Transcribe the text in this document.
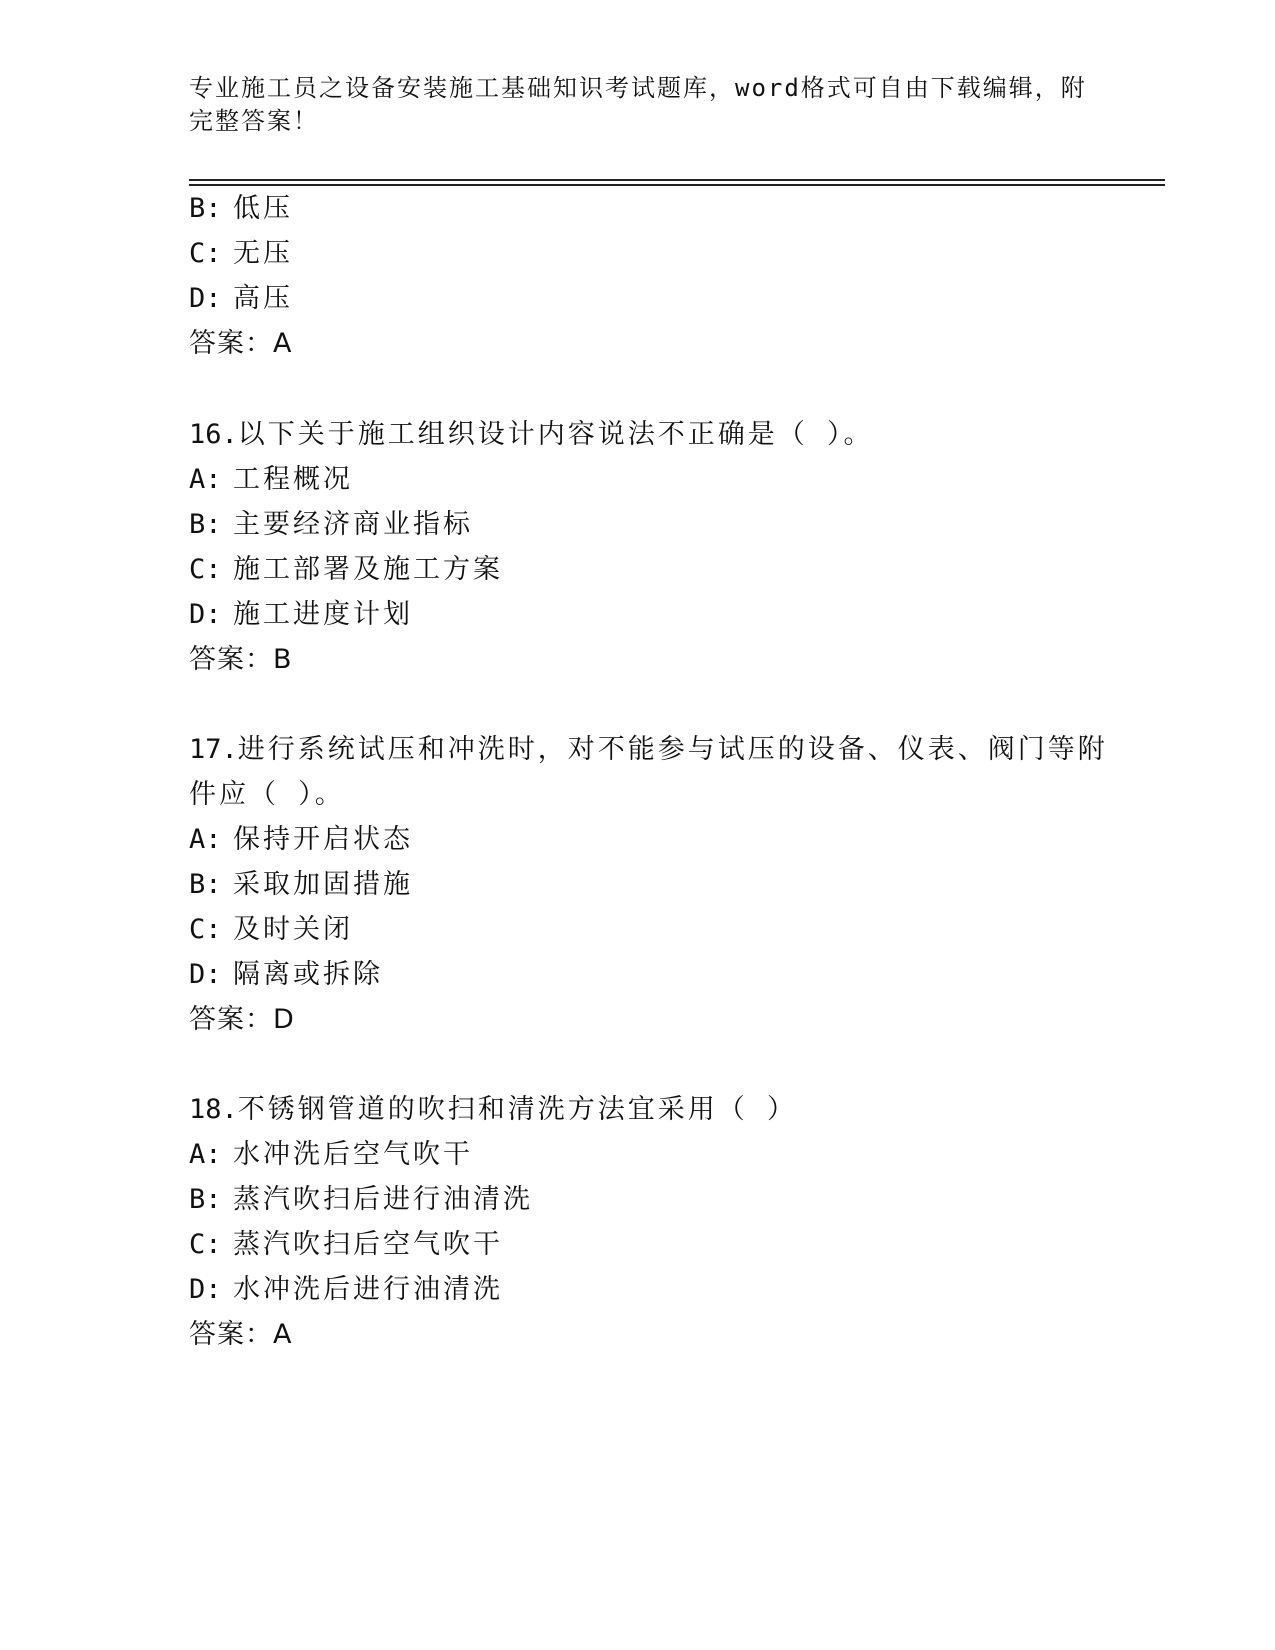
专业施工员之设备安装施工基础知识考试题库，word格式可自由下载编辑，附完整答案！
B: 低压
C: 无压
D: 高压
答案：A
16.以下关于施工组织设计内容说法不正确是（ ）。
A: 工程概况
B: 主要经济商业指标
C: 施工部署及施工方案
D: 施工进度计划
答案：B
17.进行系统试压和冲洗时，对不能参与试压的设备、仪表、阀门等附
件应（ ）。
A: 保持开启状态
B: 采取加固措施
C: 及时关闭
D: 隔离或拆除
答案：D
18.不锈钢管道的吹扫和清洗方法宜采用（ ）
A: 水冲洗后空气吹干
B: 蒸汽吹扫后进行油清洗
C: 蒸汽吹扫后空气吹干
D: 水冲洗后进行油清洗
答案：A
